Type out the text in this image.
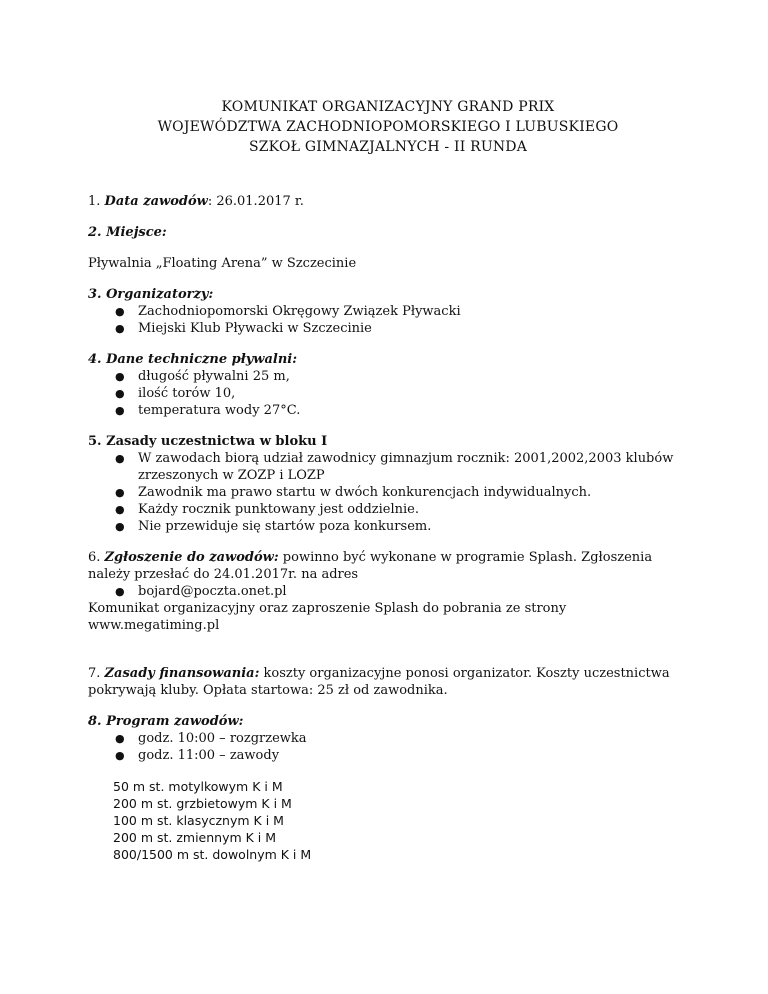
KOMUNIKAT ORGANIZACYJNY GRAND PRIX
WOJEWÓDZTWA ZACHODNIOPOMORSKIEGO I LUBUSKIEGO
SZKOŁ GIMNAZJALNYCH - II RUNDA

1. Data zawodów: 26.01.2017 r.

2. Miejsce:

Pływalnia „Floating Arena” w Szczecinie

3. Organizatorzy:

● Zachodniopomorski Okręgowy Związek Pływacki
● Miejski Klub Pływacki w Szczecinie

4. Dane techniczne pływalni:

● długość pływalni 25 m,
● ilość torów 10,
● temperatura wody 27°C.

5. Zasady uczestnictwa w bloku I

● W zawodach biorą udział zawodnicy gimnazjum rocznik: 2001,2002,2003 klubów zrzeszonych w ZOZP i LOZP
● Zawodnik ma prawo startu w dwóch konkurencjach indywidualnych.
● Każdy rocznik punktowany jest oddzielnie.
● Nie przewiduje się startów poza konkursem.

6. Zgłoszenie do zawodów: powinno być wykonane w programie Splash. Zgłoszenia należy przesłać do 24.01.2017r. na adres

● bojard@poczta.onet.pl

Komunikat organizacyjny oraz zaproszenie Splash do pobrania ze strony www.megatiming.pl

7. Zasady finansowania: koszty organizacyjne ponosi organizator. Koszty uczestnictwa pokrywają kluby. Opłata startowa: 25 zł od zawodnika.

8. Program zawodów:

● godz. 10:00 – rozgrzewka
● godz. 11:00 – zawody
50 m st. motylkowym K i M
200 m st. grzbietowym K i M
100 m st. klasycznym K i M
200 m st. zmiennym K i M
800/1500 m st. dowolnym K i M
